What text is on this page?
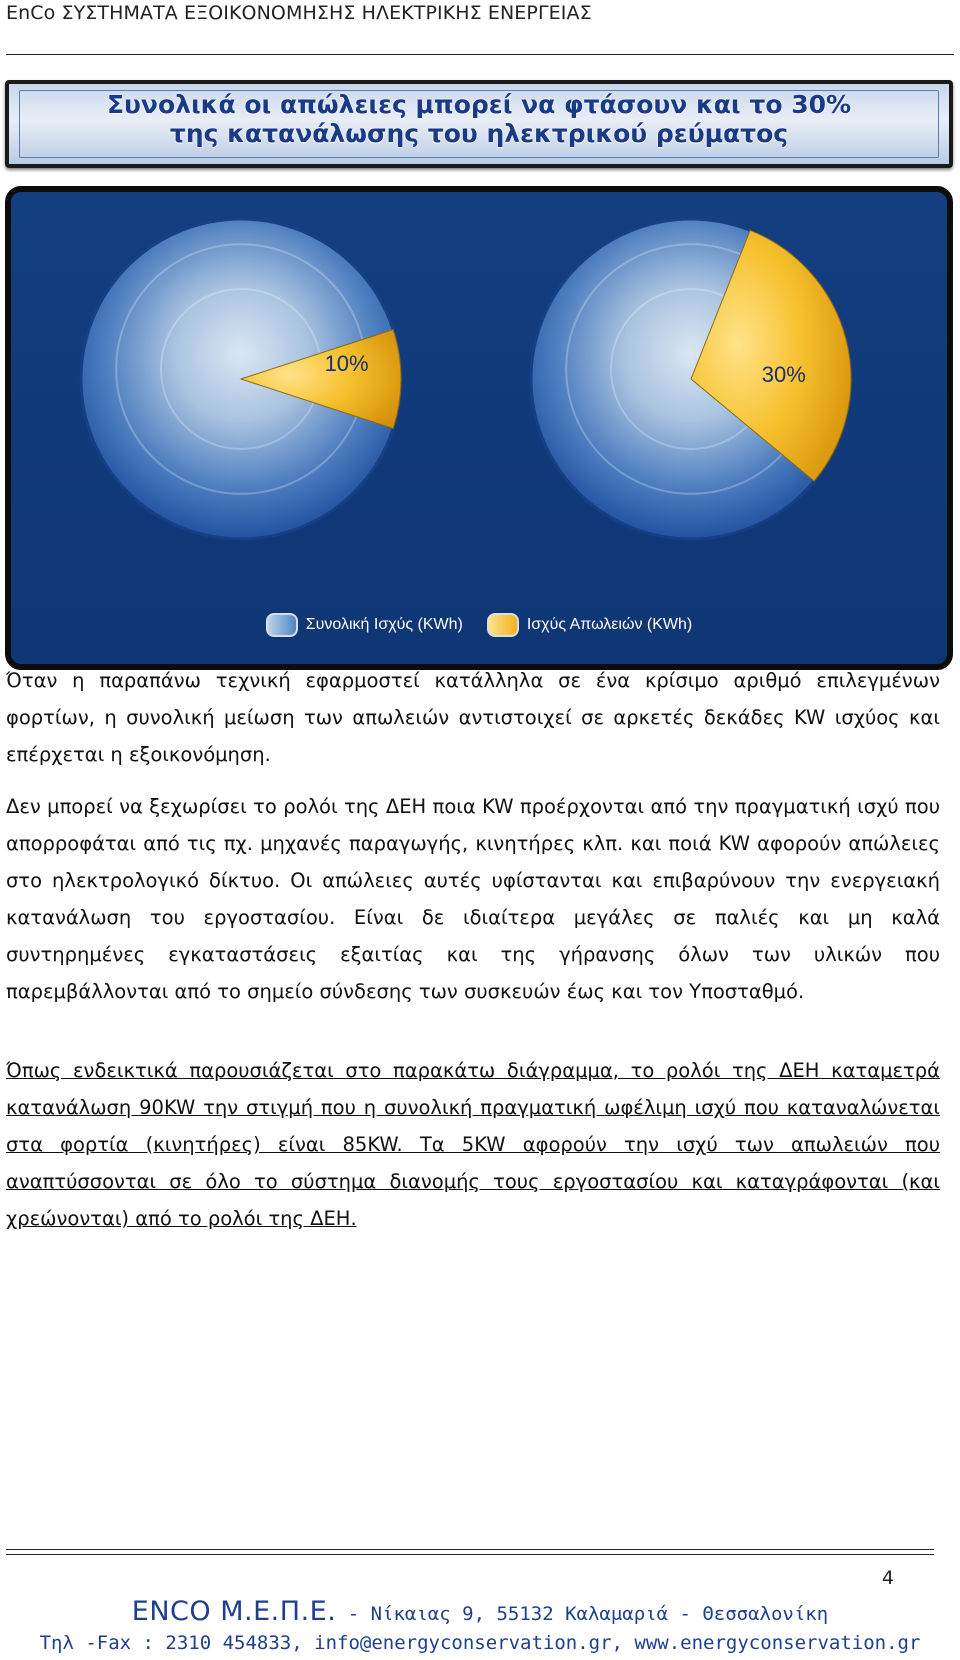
EnCo ΣΥΣΤΗΜΑΤΑ ΕΞΟΙΚΟΝΟΜΗΣΗΣ ΗΛΕΚΤΡΙΚΗΣ ΕΝΕΡΓΕΙΑΣ
Συνολικά οι απώλειες μπορεί να φτάσουν και το 30%
της κατανάλωσης του ηλεκτρικού ρεύματος
10%	30%
Συνολική Ισχύς (KWh)	Ισχύς Απωλειών (KWh)

Όταν η παραπάνω τεχνική εφαρμοστεί κατάλληλα σε ένα κρίσιμο αριθμό επιλεγμένων φορτίων, η συνολική μείωση των απωλειών αντιστοιχεί σε αρκετές δεκάδες KW ισχύος και επέρχεται η εξοικονόμηση.

Δεν μπορεί να ξεχωρίσει το ρολόι της ΔΕΗ ποια KW προέρχονται από την πραγματική ισχύ που απορροφάται από τις πχ. μηχανές παραγωγής, κινητήρες κλπ. και ποιά KW αφορούν απώλειες στο ηλεκτρολογικό δίκτυο. Οι απώλειες αυτές υφίστανται και επιβαρύνουν την ενεργειακή κατανάλωση του εργοστασίου. Είναι δε ιδιαίτερα μεγάλες σε παλιές και μη καλά συντηρημένες εγκαταστάσεις εξαιτίας και της γήρανσης όλων των υλικών που παρεμβάλλονται από το σημείο σύνδεσης των συσκευών έως και τον Υποσταθμό.

Όπως ενδεικτικά παρουσιάζεται στο παρακάτω διάγραμμα, το ρολόι της ΔΕΗ καταμετρά κατανάλωση 90KW την στιγμή που η συνολική πραγματική ωφέλιμη ισχύ που καταναλώνεται στα φορτία (κινητήρες) είναι 85KW. Τα 5KW αφορούν την ισχύ των απωλειών που αναπτύσσονται σε όλο το σύστημα διανομής τους εργοστασίου και καταγράφονται (και χρεώνονται) από το ρολόι της ΔΕΗ.

4
ENCO Μ.Ε.Π.Ε. - Νίκαιας 9, 55132 Καλαμαριά - Θεσσαλονίκη
Τηλ -Fax : 2310 454833, info@energyconservation.gr, www.energyconservation.gr
